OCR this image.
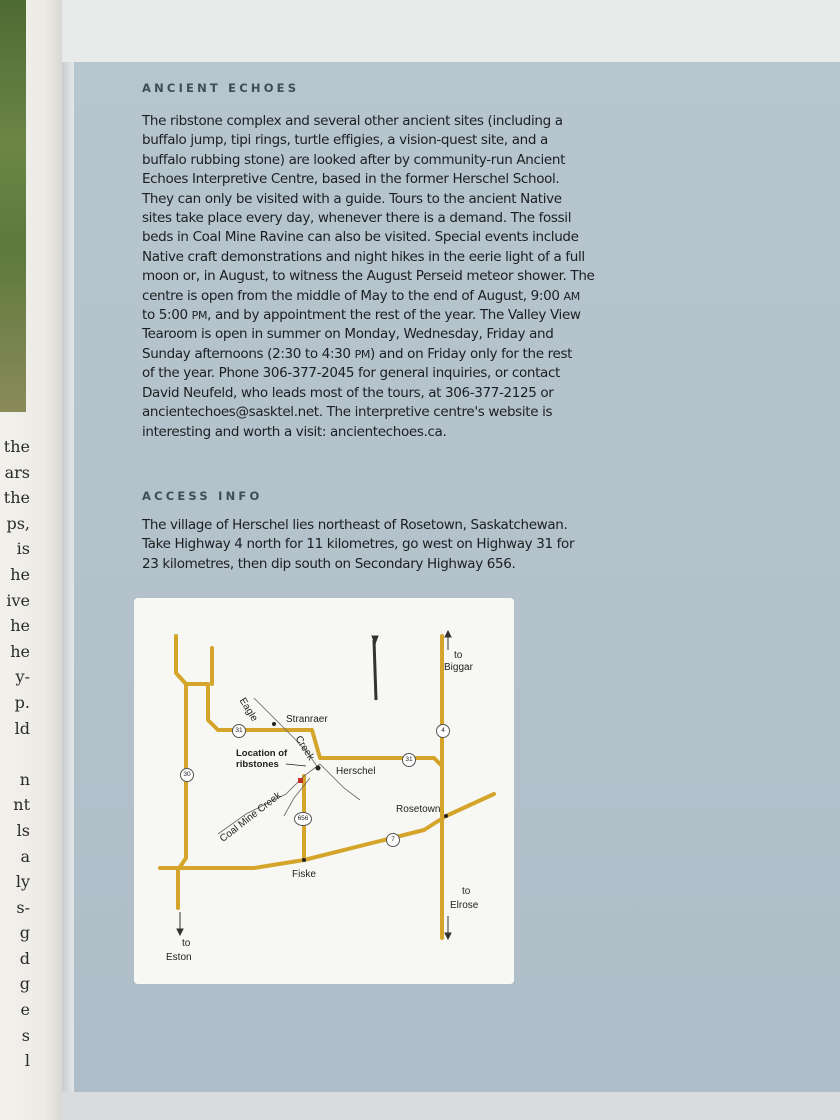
the
ars
the
ps,
is
he
ive
he
he
y-
p.
ld

n
nt
ls
a
ly
s-
g
d
g
e
s
l
ANCIENT ECHOES
The ribstone complex and several other ancient sites (including a
buffalo jump, tipi rings, turtle effigies, a vision-quest site, and a
buffalo rubbing stone) are looked after by community-run Ancient
Echoes Interpretive Centre, based in the former Herschel School.
They can only be visited with a guide. Tours to the ancient Native
sites take place every day, whenever there is a demand. The fossil
beds in Coal Mine Ravine can also be visited. Special events include
Native craft demonstrations and night hikes in the eerie light of a full
moon or, in August, to witness the August Perseid meteor shower. The
centre is open from the middle of May to the end of August, 9:00 AM
to 5:00 PM, and by appointment the rest of the year. The Valley View
Tearoom is open in summer on Monday, Wednesday, Friday and
Sunday afternoons (2:30 to 4:30 PM) and on Friday only for the rest
of the year. Phone 306-377-2045 for general inquiries, or contact
David Neufeld, who leads most of the tours, at 306-377-2125 or
ancientechoes@sasktel.net. The interpretive centre's website is
interesting and worth a visit: ancientechoes.ca.
ACCESS INFO
The village of Herschel lies northeast of Rosetown, Saskatchewan.
Take Highway 4 north for 11 kilometres, go west on Highway 31 for
23 kilometres, then dip south on Secondary Highway 656.
Stranraer
Herschel
Rosetown
Fiske
Location of
ribstones
Eagle
Creek
Coal Mine Creek
to
Biggar
to
Elrose
to
Eston
31
31
4
30
656
7
